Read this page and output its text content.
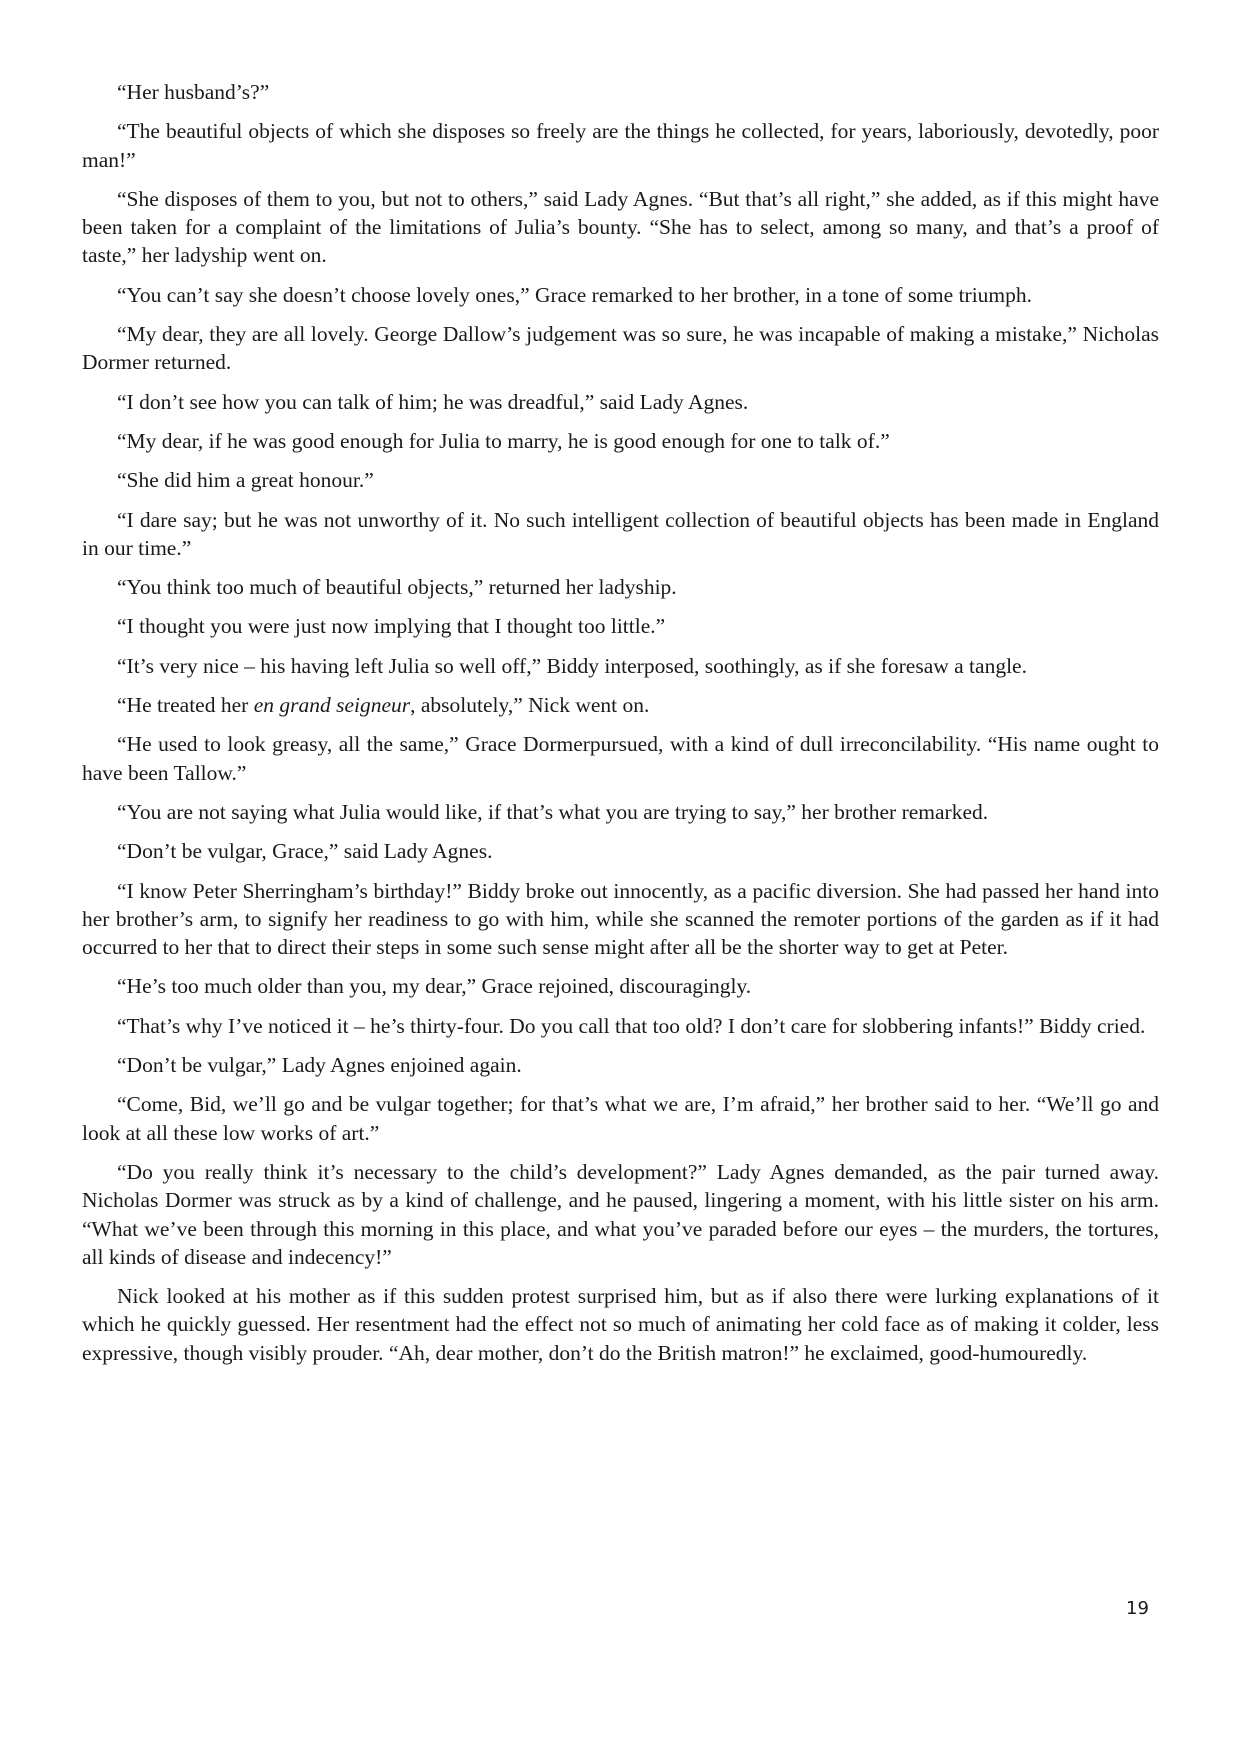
“Her husband’s?”

“The beautiful objects of which she disposes so freely are the things he collected, for years, laboriously, devotedly, poor man!”

“She disposes of them to you, but not to others,” said Lady Agnes. “But that’s all right,” she added, as if this might have been taken for a complaint of the limitations of Julia’s bounty. “She has to select, among so many, and that’s a proof of taste,” her ladyship went on.

“You can’t say she doesn’t choose lovely ones,” Grace remarked to her brother, in a tone of some triumph.

“My dear, they are all lovely. George Dallow’s judgement was so sure, he was incapable of making a mistake,” Nicholas Dormer returned.

“I don’t see how you can talk of him; he was dreadful,” said Lady Agnes.

“My dear, if he was good enough for Julia to marry, he is good enough for one to talk of.”

“She did him a great honour.”

“I dare say; but he was not unworthy of it. No such intelligent collection of beautiful objects has been made in England in our time.”

“You think too much of beautiful objects,” returned her ladyship.

“I thought you were just now implying that I thought too little.”

“It’s very nice – his having left Julia so well off,” Biddy interposed, soothingly, as if she foresaw a tangle.

“He treated her en grand seigneur, absolutely,” Nick went on.

“He used to look greasy, all the same,” Grace Dormerpursued, with a kind of dull irreconcilability. “His name ought to have been Tallow.”

“You are not saying what Julia would like, if that’s what you are trying to say,” her brother remarked.

“Don’t be vulgar, Grace,” said Lady Agnes.

“I know Peter Sherringham’s birthday!” Biddy broke out innocently, as a pacific diversion. She had passed her hand into her brother’s arm, to signify her readiness to go with him, while she scanned the remoter portions of the garden as if it had occurred to her that to direct their steps in some such sense might after all be the shorter way to get at Peter.

“He’s too much older than you, my dear,” Grace rejoined, discouragingly.

“That’s why I’ve noticed it – he’s thirty-four. Do you call that too old? I don’t care for slobbering infants!” Biddy cried.

“Don’t be vulgar,” Lady Agnes enjoined again.

“Come, Bid, we’ll go and be vulgar together; for that’s what we are, I’m afraid,” her brother said to her. “We’ll go and look at all these low works of art.”

“Do you really think it’s necessary to the child’s development?” Lady Agnes demanded, as the pair turned away. Nicholas Dormer was struck as by a kind of challenge, and he paused, lingering a moment, with his little sister on his arm. “What we’ve been through this morning in this place, and what you’ve paraded before our eyes – the murders, the tortures, all kinds of disease and indecency!”

Nick looked at his mother as if this sudden protest surprised him, but as if also there were lurking explanations of it which he quickly guessed. Her resentment had the effect not so much of animating her cold face as of making it colder, less expressive, though visibly prouder. “Ah, dear mother, don’t do the British matron!” he exclaimed, good-humouredly.

19
